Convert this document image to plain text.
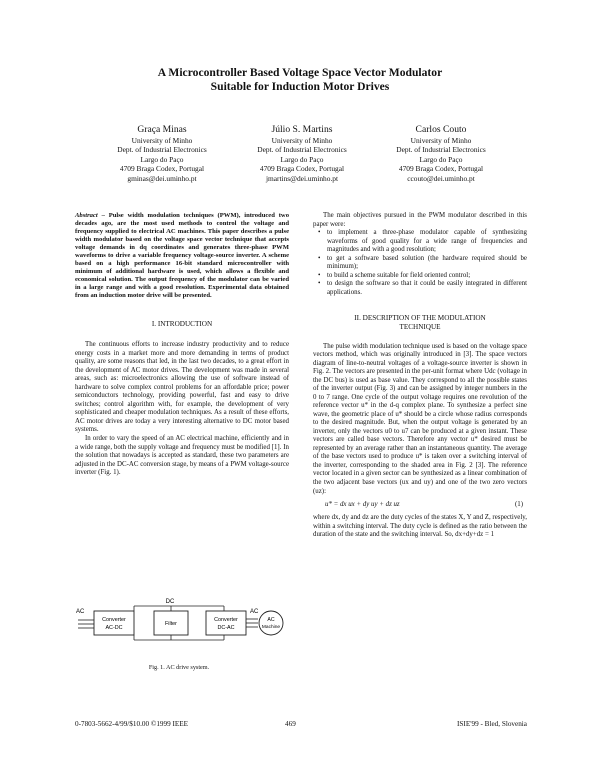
A Microcontroller Based Voltage Space Vector Modulator
Suitable for Induction Motor Drives
Graça Minas
University of Minho
Dept. of Industrial Electronics
Largo do Paço
4709 Braga Codex, Portugal
gminas@dei.uminho.pt
Júlio S. Martins
University of Minho
Dept. of Industrial Electronics
Largo do Paço
4709 Braga Codex, Portugal
jmartins@dei.uminho.pt
Carlos Couto
University of Minho
Dept. of Industrial Electronics
Largo do Paço
4709 Braga Codex, Portugal
ccouto@dei.uminho.pt

Abstract – Pulse width modulation techniques (PWM), introduced two decades ago, are the most used methods to control the voltage and frequency supplied to electrical AC machines. This paper describes a pulse width modulator based on the voltage space vector technique that accepts voltage demands in dq coordinates and generates three-phase PWM waveforms to drive a variable frequency voltage-source inverter. A scheme based on a high performance 16-bit standard microcontroller with minimum of additional hardware is used, which allows a flexible and economical solution. The output frequency of the modulator can be varied in a large range and with a good resolution. Experimental data obtained from an induction motor drive will be presented.

I. INTRODUCTION

The continuous efforts to increase industry productivity and to reduce energy costs in a market more and more demanding in terms of product quality, are some reasons that led, in the last two decades, to a great effort in the development of AC motor drives. The development was made in several areas, such as: microelectronics allowing the use of software instead of hardware to solve complex control problems for an affordable price; power semiconductors technology, providing powerful, fast and easy to drive switches; control algorithm with, for example, the development of very sophisticated and cheaper modulation techniques. As a result of these efforts, AC motor drives are today a very interesting alternative to DC motor based systems.

In order to vary the speed of an AC electrical machine, efficiently and in a wide range, both the supply voltage and frequency must be modified [1]. In the solution that nowadays is accepted as standard, these two parameters are adjusted in the DC-AC conversion stage, by means of a PWM voltage-source inverter (Fig. 1).

AC
Converter
AC-DC
DC
Filter
Converter
DC-AC
AC
AC
Machine
Fig. 1. AC drive system.

The main objectives pursued in the PWM modulator described in this paper were:

• to implement a three-phase modulator capable of synthesizing waveforms of good quality for a wide range of frequencies and magnitudes and with a good resolution;
• to get a software based solution (the hardware required should be minimum);
• to build a scheme suitable for field oriented control;
• to design the software so that it could be easily integrated in different applications.
II. DESCRIPTION OF THE MODULATION
TECHNIQUE

The pulse width modulation technique used is based on the voltage space vectors method, which was originally introduced in [3]. The space vectors diagram of line-to-neutral voltages of a voltage-source inverter is shown in Fig. 2. The vectors are presented in the per-unit format where Udc (voltage in the DC bus) is used as base value. They correspond to all the possible states of the inverter output (Fig. 3) and can be assigned by integer numbers in the 0 to 7 range. One cycle of the output voltage requires one revolution of the reference vector u* in the d-q complex plane. To synthesize a perfect sine wave, the geometric place of u* should be a circle whose radius corresponds to the desired magnitude. But, when the output voltage is generated by an inverter, only the vectors u0 to u7 can be produced at a given instant. These vectors are called base vectors. Therefore any vector u* desired must be represented by an average rather than an instantaneous quantity. The average of the base vectors used to produce u* is taken over a switching interval of the inverter, corresponding to the shaded area in Fig. 2 [3]. The reference vector located in a given sector can be synthesized as a linear combination of the two adjacent base vectors (ux and uy) and one of the two zero vectors (uz):

u* = dx ux + dy uy + dz uz	(1)

where dx, dy and dz are the duty cycles of the states X, Y and Z, respectively, within a switching interval. The duty cycle is defined as the ratio between the duration of the state and the switching interval. So, dx+dy+dz = 1

0-7803-5662-4/99/$10.00 ©1999 IEEE	469	ISIE'99 - Bled, Slovenia
